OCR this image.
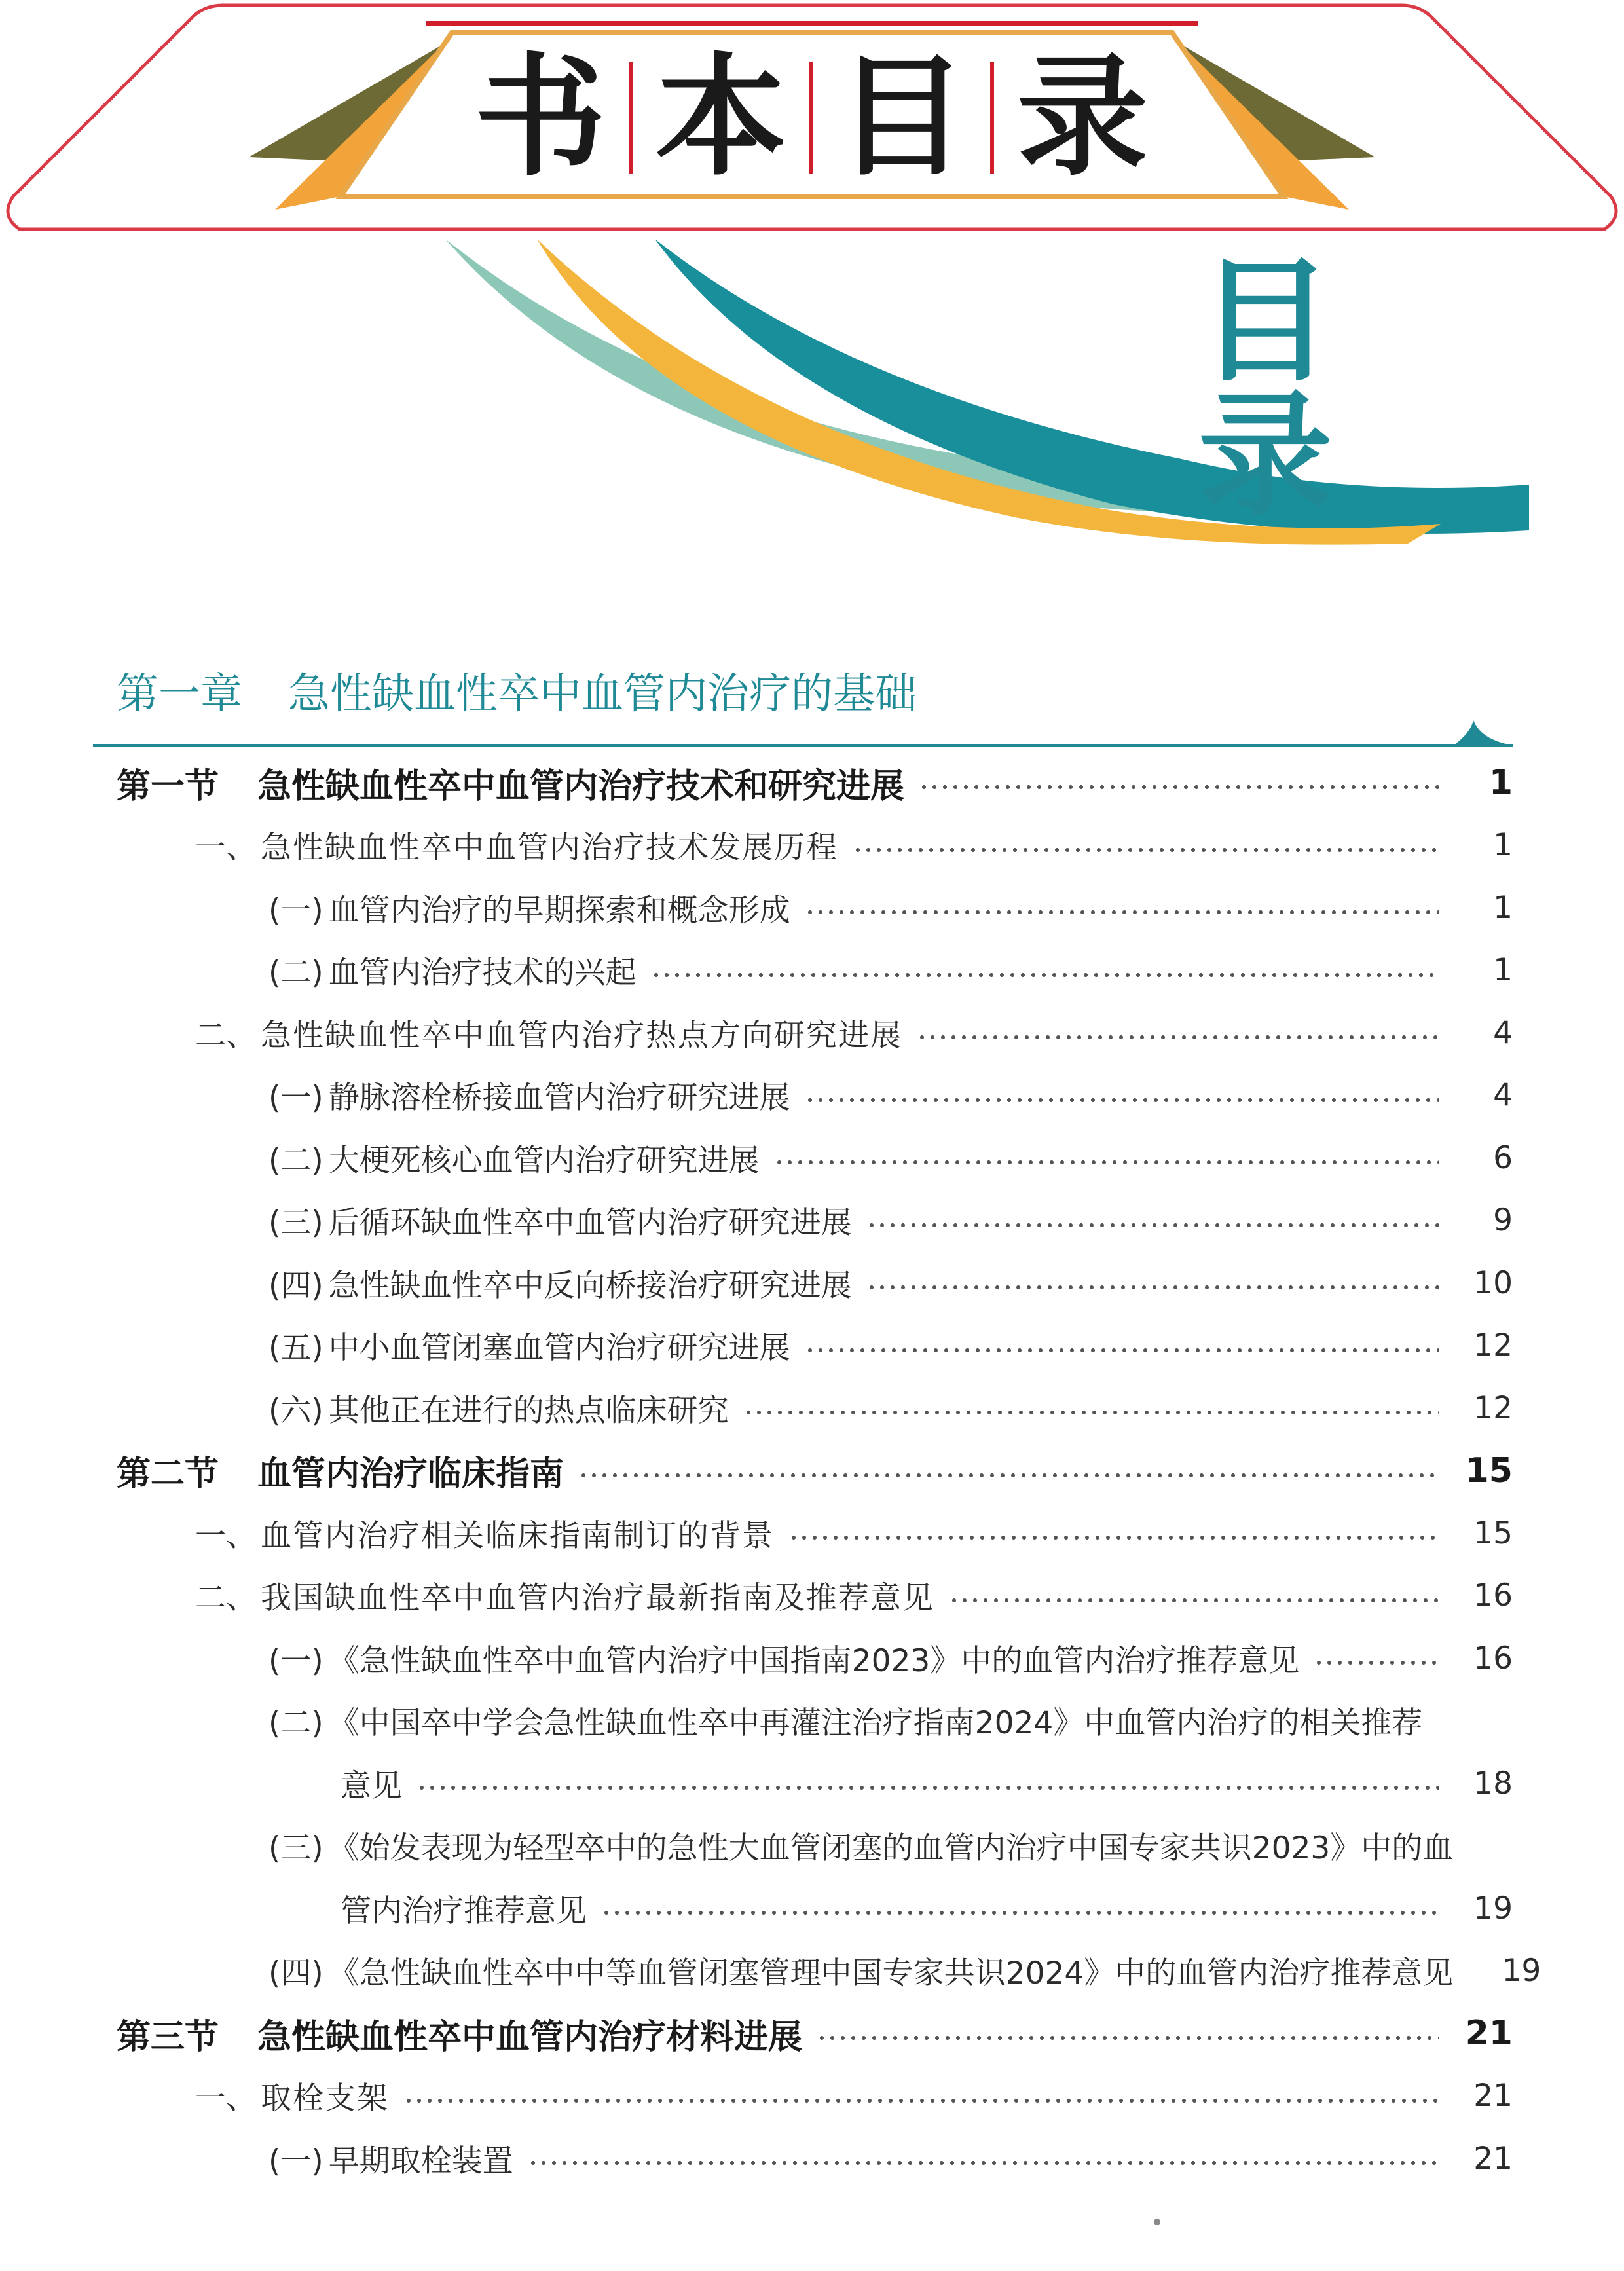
书 本 目 录
目 录
第一章 急性缺血性卒中血管内治疗的基础
第一节	急性缺血性卒中血管内治疗技术和研究进展	1
一、 急性缺血性卒中血管内治疗技术发展历程	1
(一) 血管内治疗的早期探索和概念形成	1
(二) 血管内治疗技术的兴起	1
二、 急性缺血性卒中血管内治疗热点方向研究进展	4
(一) 静脉溶栓桥接血管内治疗研究进展	4
(二) 大梗死核心血管内治疗研究进展	6
(三) 后循环缺血性卒中血管内治疗研究进展	9
(四) 急性缺血性卒中反向桥接治疗研究进展	10
(五) 中小血管闭塞血管内治疗研究进展	12
(六) 其他正在进行的热点临床研究	12
第二节	血管内治疗临床指南	15
一、 血管内治疗相关临床指南制订的背景	15
二、 我国缺血性卒中血管内治疗最新指南及推荐意见	16
(一) 《急性缺血性卒中血管内治疗中国指南2023》中的血管内治疗推荐意见	16
(二) 《中国卒中学会急性缺血性卒中再灌注治疗指南2024》中血管内治疗的相关推荐
意见	18
(三) 《始发表现为轻型卒中的急性大血管闭塞的血管内治疗中国专家共识2023》中的血
管内治疗推荐意见	19
(四) 《急性缺血性卒中中等血管闭塞管理中国专家共识2024》中的血管内治疗推荐意见	19
第三节	急性缺血性卒中血管内治疗材料进展	21
一、 取栓支架	21
(一) 早期取栓装置	21
